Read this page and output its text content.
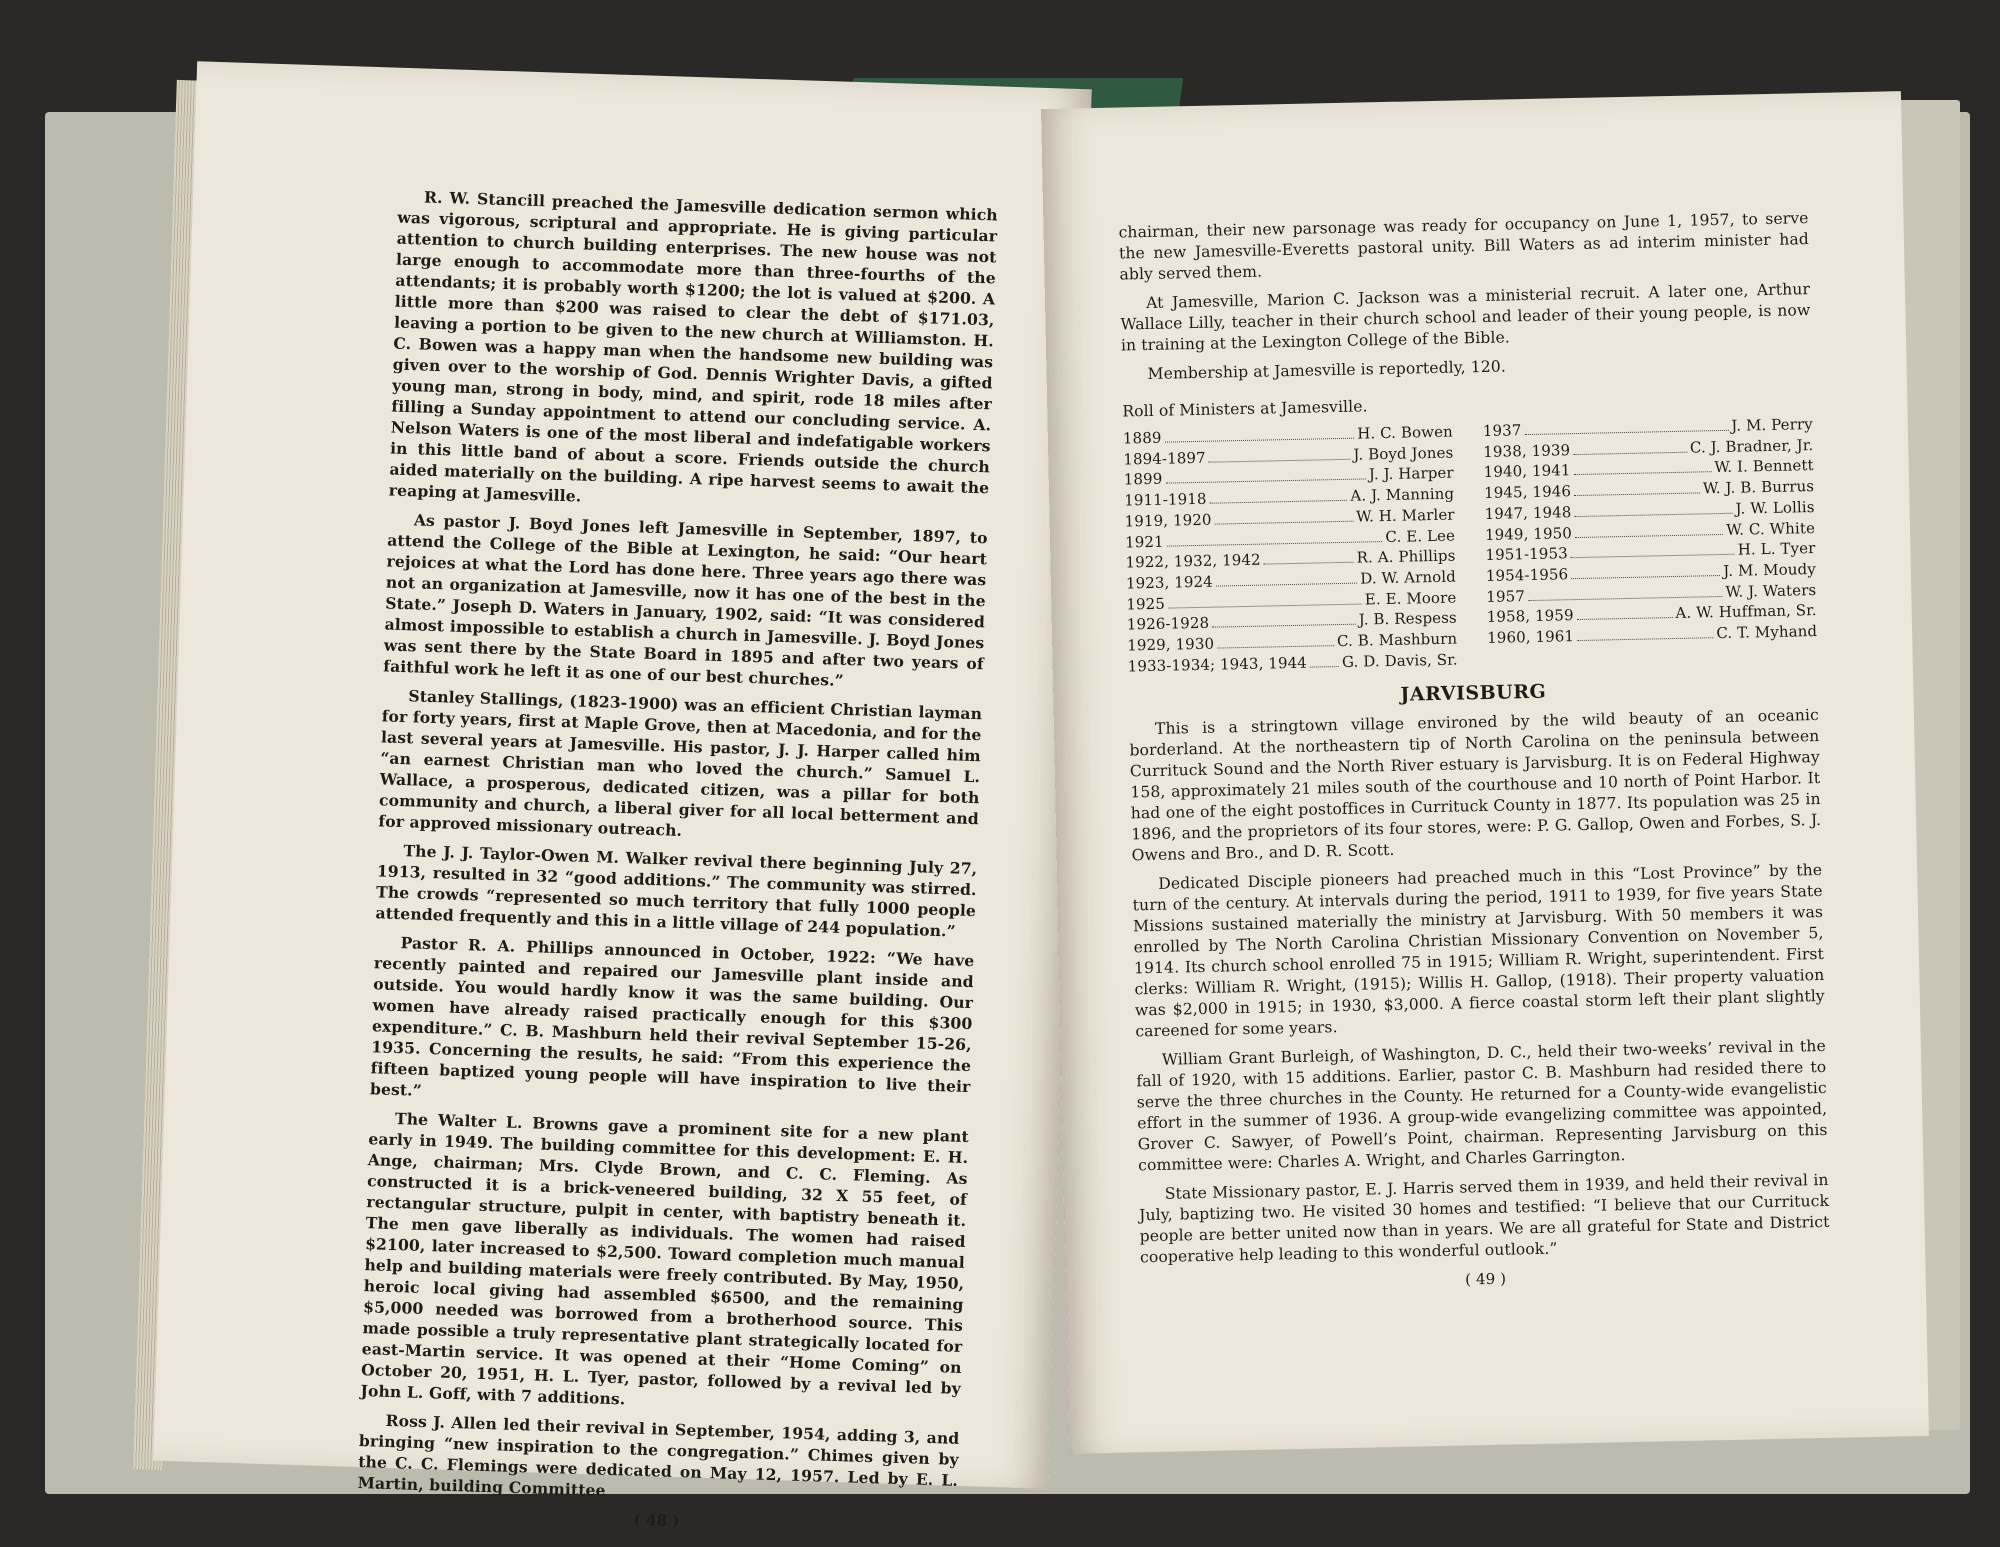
R. W. Stancill preached the Jamesville dedication sermon which was vigorous, scriptural and appropriate. He is giving particular attention to church building enterprises. The new house was not large enough to accommodate more than three-fourths of the attendants; it is probably worth $1200; the lot is valued at $200. A little more than $200 was raised to clear the debt of $171.03, leaving a portion to be given to the new church at Williamston. H. C. Bowen was a happy man when the handsome new building was given over to the worship of God. Dennis Wrighter Davis, a gifted young man, strong in body, mind, and spirit, rode 18 miles after filling a Sunday appointment to attend our concluding service. A. Nelson Waters is one of the most liberal and indefatigable workers in this little band of about a score. Friends outside the church aided materially on the building. A ripe harvest seems to await the reaping at Jamesville.

As pastor J. Boyd Jones left Jamesville in September, 1897, to attend the College of the Bible at Lexington, he said: “Our heart rejoices at what the Lord has done here. Three years ago there was not an organization at Jamesville, now it has one of the best in the State.” Joseph D. Waters in January, 1902, said: “It was considered almost impossible to establish a church in Jamesville. J. Boyd Jones was sent there by the State Board in 1895 and after two years of faithful work he left it as one of our best churches.”

Stanley Stallings, (1823-1900) was an efficient Christian layman for forty years, first at Maple Grove, then at Macedonia, and for the last several years at Jamesville. His pastor, J. J. Harper called him “an earnest Christian man who loved the church.” Samuel L. Wallace, a prosperous, dedicated citizen, was a pillar for both community and church, a liberal giver for all local betterment and for approved missionary outreach.

The J. J. Taylor-Owen M. Walker revival there beginning July 27, 1913, resulted in 32 “good additions.” The community was stirred. The crowds “represented so much territory that fully 1000 people attended frequently and this in a little village of 244 population.”

Pastor R. A. Phillips announced in October, 1922: “We have recently painted and repaired our Jamesville plant inside and outside. You would hardly know it was the same building. Our women have already raised practically enough for this $300 expenditure.” C. B. Mashburn held their revival September 15-26, 1935. Concerning the results, he said: “From this experience the fifteen baptized young people will have inspiration to live their best.”

The Walter L. Browns gave a prominent site for a new plant early in 1949. The building committee for this development: E. H. Ange, chairman; Mrs. Clyde Brown, and C. C. Fleming. As constructed it is a brick-veneered building, 32 X 55 feet, of rectangular structure, pulpit in center, with baptistry beneath it. The men gave liberally as individuals. The women had raised $2100, later increased to $2,500. Toward completion much manual help and building materials were freely contributed. By May, 1950, heroic local giving had assembled $6500, and the remaining $5,000 needed was borrowed from a brotherhood source. This made possible a truly representative plant strategically located for east-Martin service. It was opened at their “Home Coming” on October 20, 1951, H. L. Tyer, pastor, followed by a revival led by John L. Goff, with 7 additions.

Ross J. Allen led their revival in September, 1954, adding 3, and bringing “new inspiration to the congregation.” Chimes given by the C. C. Flemings were dedicated on May 12, 1957. Led by E. L. Martin, building Committee

( 48 )

chairman, their new parsonage was ready for occupancy on June 1, 1957, to serve the new Jamesville-Everetts pastoral unity. Bill Waters as ad interim minister had ably served them.

At Jamesville, Marion C. Jackson was a ministerial recruit. A later one, Arthur Wallace Lilly, teacher in their church school and leader of their young people, is now in training at the Lexington College of the Bible.

Membership at Jamesville is reportedly, 120.

Roll of Ministers at Jamesville.

1889	H. C. Bowen
1894-1897	J. Boyd Jones
1899	J. J. Harper
1911-1918	A. J. Manning
1919, 1920	W. H. Marler
1921	C. E. Lee
1922, 1932, 1942	R. A. Phillips
1923, 1924	D. W. Arnold
1925	E. E. Moore
1926-1928	J. B. Respess
1929, 1930	C. B. Mashburn
1933-1934; 1943, 1944 G. D. Davis, Sr.
1937	J. M. Perry
1938, 1939	C. J. Bradner, Jr.
1940, 1941	W. I. Bennett
1945, 1946	W. J. B. Burrus
1947, 1948	J. W. Lollis
1949, 1950	W. C. White
1951-1953	H. L. Tyer
1954-1956	J. M. Moudy
1957	W. J. Waters
1958, 1959	A. W. Huffman, Sr.
1960, 1961	C. T. Myhand
JARVISBURG

This is a stringtown village environed by the wild beauty of an oceanic borderland. At the northeastern tip of North Carolina on the peninsula between Currituck Sound and the North River estuary is Jarvisburg. It is on Federal Highway 158, approximately 21 miles south of the courthouse and 10 north of Point Harbor. It had one of the eight postoffices in Currituck County in 1877. Its population was 25 in 1896, and the proprietors of its four stores, were: P. G. Gallop, Owen and Forbes, S. J. Owens and Bro., and D. R. Scott.

Dedicated Disciple pioneers had preached much in this “Lost Province” by the turn of the century. At intervals during the period, 1911 to 1939, for five years State Missions sustained materially the ministry at Jarvisburg. With 50 members it was enrolled by The North Carolina Christian Missionary Convention on November 5, 1914. Its church school enrolled 75 in 1915; William R. Wright, superintendent. First clerks: William R. Wright, (1915); Willis H. Gallop, (1918). Their property valuation was $2,000 in 1915; in 1930, $3,000. A fierce coastal storm left their plant slightly careened for some years.

William Grant Burleigh, of Washington, D. C., held their two-weeks’ revival in the fall of 1920, with 15 additions. Earlier, pastor C. B. Mashburn had resided there to serve the three churches in the County. He returned for a County-wide evangelistic effort in the summer of 1936. A group-wide evangelizing committee was appointed, Grover C. Sawyer, of Powell’s Point, chairman. Representing Jarvisburg on this committee were: Charles A. Wright, and Charles Garrington.

State Missionary pastor, E. J. Harris served them in 1939, and held their revival in July, baptizing two. He visited 30 homes and testified: “I believe that our Currituck people are better united now than in years. We are all grateful for State and District cooperative help leading to this wonderful outlook.”

( 49 )
